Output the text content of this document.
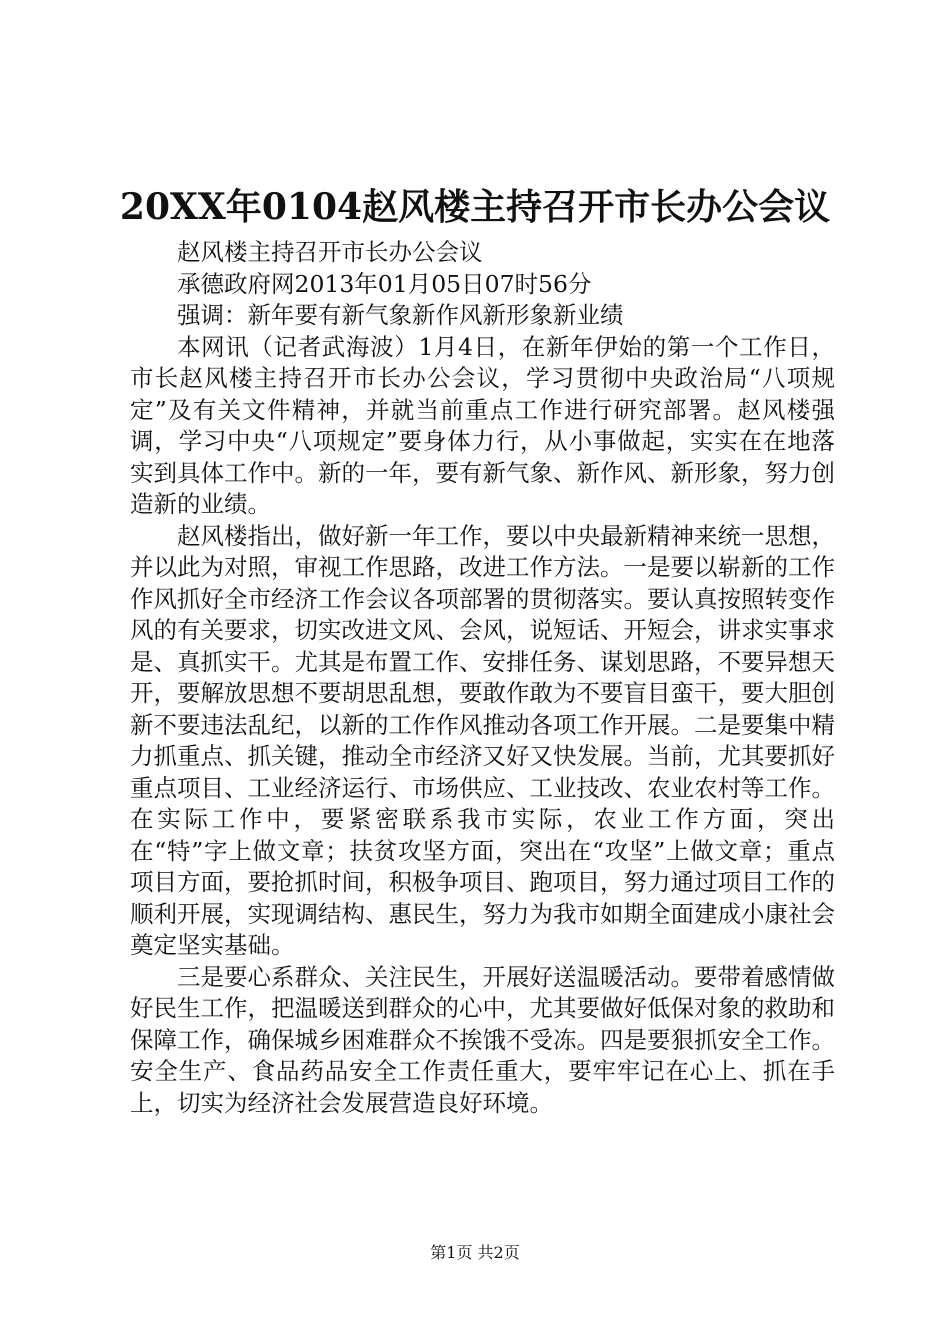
20XX年0104赵风楼主持召开市长办公会议

赵风楼主持召开市长办公会议

承德政府网2013年01月05日07时56分

强调：新年要有新气象新作风新形象新业绩

本网讯（记者武海波）1月4日，在新年伊始的第一个工作日，市长赵风楼主持召开市长办公会议，学习贯彻中央政治局“八项规定”及有关文件精神，并就当前重点工作进行研究部署。赵风楼强调，学习中央“八项规定”要身体力行，从小事做起，实实在在地落实到具体工作中。新的一年，要有新气象、新作风、新形象，努力创造新的业绩。

赵风楼指出，做好新一年工作，要以中央最新精神来统一思想，并以此为对照，审视工作思路，改进工作方法。一是要以崭新的工作作风抓好全市经济工作会议各项部署的贯彻落实。要认真按照转变作风的有关要求，切实改进文风、会风，说短话、开短会，讲求实事求是、真抓实干。尤其是布置工作、安排任务、谋划思路，不要异想天开，要解放思想不要胡思乱想，要敢作敢为不要盲目蛮干，要大胆创新不要违法乱纪，以新的工作作风推动各项工作开展。二是要集中精力抓重点、抓关键，推动全市经济又好又快发展。当前，尤其要抓好重点项目、工业经济运行、市场供应、工业技改、农业农村等工作。在实际工作中，要紧密联系我市实际，农业工作方面，突出在“特”字上做文章；扶贫攻坚方面，突出在“攻坚”上做文章；重点项目方面，要抢抓时间，积极争项目、跑项目，努力通过项目工作的顺利开展，实现调结构、惠民生，努力为我市如期全面建成小康社会奠定坚实基础。

三是要心系群众、关注民生，开展好送温暖活动。要带着感情做好民生工作，把温暖送到群众的心中，尤其要做好低保对象的救助和保障工作，确保城乡困难群众不挨饿不受冻。四是要狠抓安全工作。安全生产、食品药品安全工作责任重大，要牢牢记在心上、抓在手上，切实为经济社会发展营造良好环境。

第1页 共2页
